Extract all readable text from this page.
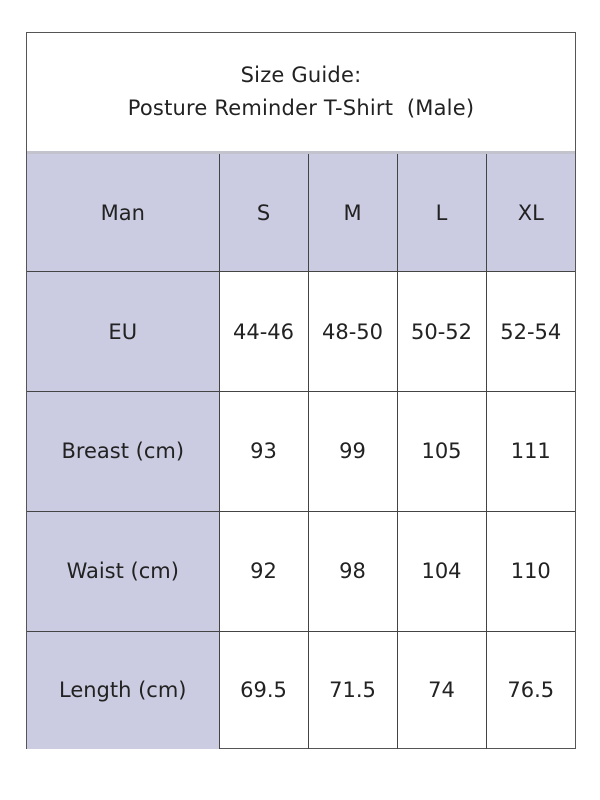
Size Guide:
Posture Reminder T-Shirt  (Male)
Man	S	M	L	XL
EU	44-46	48-50	50-52	52-54
Breast (cm)	93	99	105	111
Waist (cm)	92	98	104	110
Length (cm)	69.5	71.5	74	76.5
